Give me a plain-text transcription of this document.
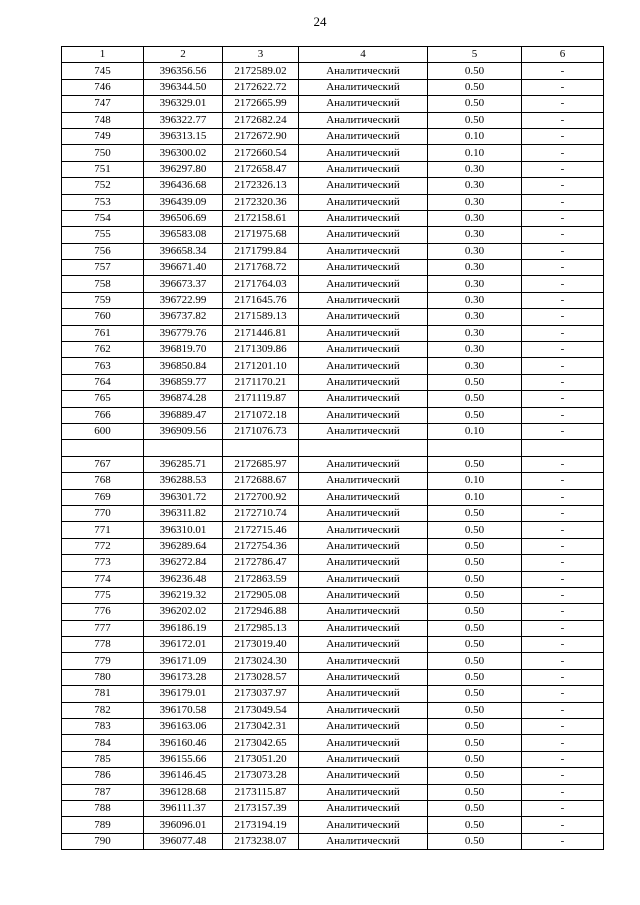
24
1	2	3	4	5	6
745	396356.56	2172589.02	Аналитический	0.50	-
746	396344.50	2172622.72	Аналитический	0.50	-
747	396329.01	2172665.99	Аналитический	0.50	-
748	396322.77	2172682.24	Аналитический	0.50	-
749	396313.15	2172672.90	Аналитический	0.10	-
750	396300.02	2172660.54	Аналитический	0.10	-
751	396297.80	2172658.47	Аналитический	0.30	-
752	396436.68	2172326.13	Аналитический	0.30	-
753	396439.09	2172320.36	Аналитический	0.30	-
754	396506.69	2172158.61	Аналитический	0.30	-
755	396583.08	2171975.68	Аналитический	0.30	-
756	396658.34	2171799.84	Аналитический	0.30	-
757	396671.40	2171768.72	Аналитический	0.30	-
758	396673.37	2171764.03	Аналитический	0.30	-
759	396722.99	2171645.76	Аналитический	0.30	-
760	396737.82	2171589.13	Аналитический	0.30	-
761	396779.76	2171446.81	Аналитический	0.30	-
762	396819.70	2171309.86	Аналитический	0.30	-
763	396850.84	2171201.10	Аналитический	0.30	-
764	396859.77	2171170.21	Аналитический	0.50	-
765	396874.28	2171119.87	Аналитический	0.50	-
766	396889.47	2171072.18	Аналитический	0.50	-
600	396909.56	2171076.73	Аналитический	0.10	-

767	396285.71	2172685.97	Аналитический	0.50	-
768	396288.53	2172688.67	Аналитический	0.10	-
769	396301.72	2172700.92	Аналитический	0.10	-
770	396311.82	2172710.74	Аналитический	0.50	-
771	396310.01	2172715.46	Аналитический	0.50	-
772	396289.64	2172754.36	Аналитический	0.50	-
773	396272.84	2172786.47	Аналитический	0.50	-
774	396236.48	2172863.59	Аналитический	0.50	-
775	396219.32	2172905.08	Аналитический	0.50	-
776	396202.02	2172946.88	Аналитический	0.50	-
777	396186.19	2172985.13	Аналитический	0.50	-
778	396172.01	2173019.40	Аналитический	0.50	-
779	396171.09	2173024.30	Аналитический	0.50	-
780	396173.28	2173028.57	Аналитический	0.50	-
781	396179.01	2173037.97	Аналитический	0.50	-
782	396170.58	2173049.54	Аналитический	0.50	-
783	396163.06	2173042.31	Аналитический	0.50	-
784	396160.46	2173042.65	Аналитический	0.50	-
785	396155.66	2173051.20	Аналитический	0.50	-
786	396146.45	2173073.28	Аналитический	0.50	-
787	396128.68	2173115.87	Аналитический	0.50	-
788	396111.37	2173157.39	Аналитический	0.50	-
789	396096.01	2173194.19	Аналитический	0.50	-
790	396077.48	2173238.07	Аналитический	0.50	-
